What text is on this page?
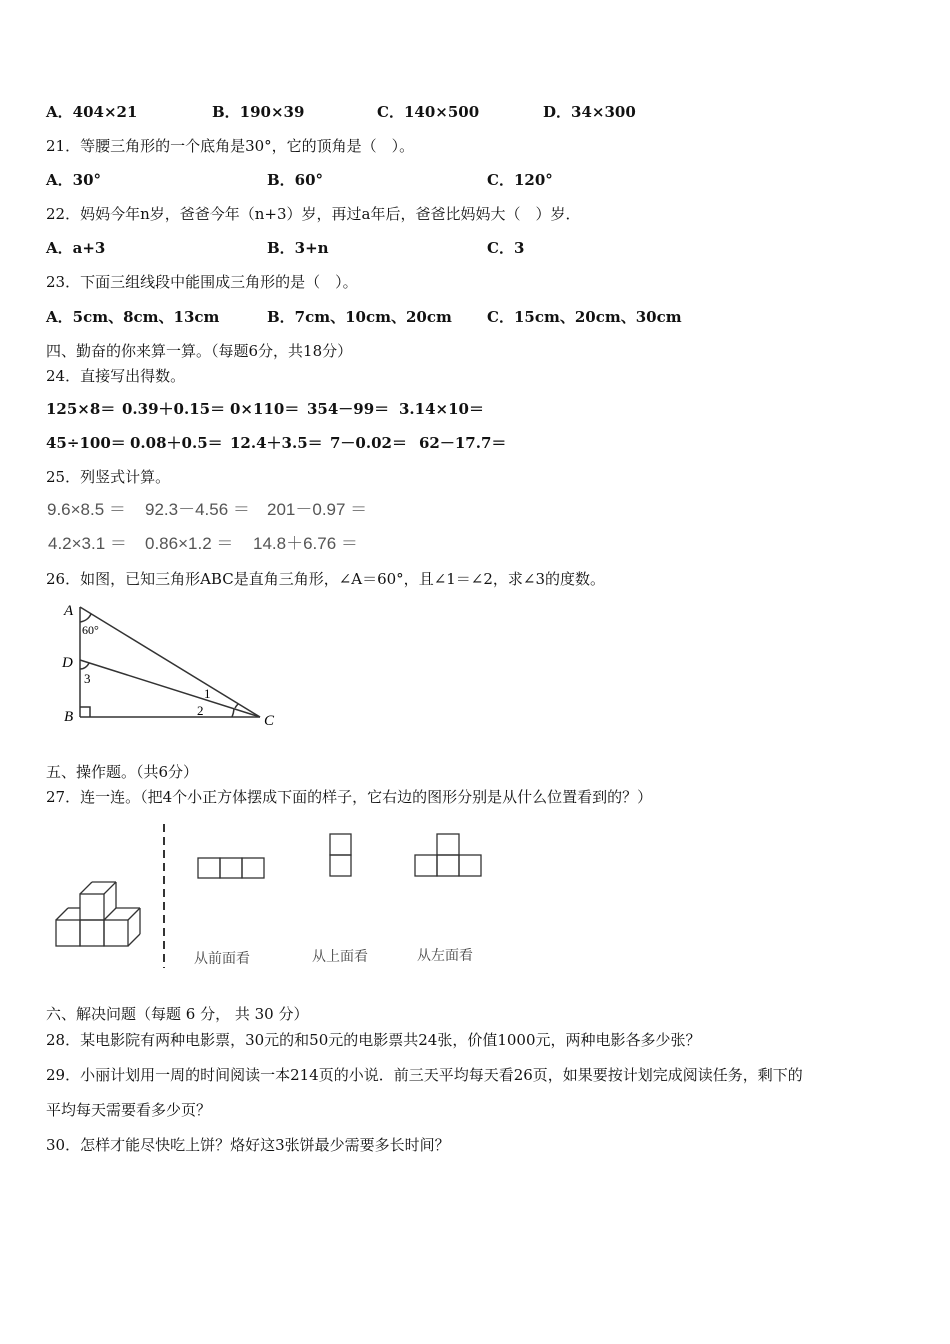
A．404×21	B．190×39	C．140×500	D．34×300
21．等腰三角形的一个底角是30°，它的顶角是（　）。
A．30°	B．60°	C．120°
22．妈妈今年n岁，爸爸今年（n+3）岁，再过a年后，爸爸比妈妈大（　）岁．
A．a+3	B．3+n	C．3
23．下面三组线段中能围成三角形的是（　）。
A．5cm、8cm、13cm	B．7cm、10cm、20cm C．15cm、20cm、30cm
四、勤奋的你来算一算。（每题6分，共18分）
24．直接写出得数。
125×8＝ 0.39＋0.15＝ 0×110＝ 354－99＝ 3.14×10＝
45÷100＝ 0.08＋0.5＝ 12.4＋3.5＝ 7－0.02＝ 62－17.7＝
25．列竖式计算。
9.6×8.5 ＝ 92.3－4.56 ＝ 201－0.97 ＝
4.2×3.1 ＝ 0.86×1.2 ＝ 14.8＋6.76 ＝
26．如图，已知三角形ABC是直角三角形，∠A＝60°，且∠1＝∠2，求∠3的度数。
A
60°
D
3
B	C
1
2
五、操作题。（共6分）
27．连一连。（把4个小正方体摆成下面的样子，它右边的图形分别是从什么位置看到的？）
从前面看	从上面看	从左面看
六、解决问题（每题 6 分， 共 30 分）
28．某电影院有两种电影票，30元的和50元的电影票共24张，价值1000元，两种电影各多少张？
29．小丽计划用一周的时间阅读一本214页的小说．前三天平均每天看26页，如果要按计划完成阅读任务，剩下的
平均每天需要看多少页？
30．怎样才能尽快吃上饼？烙好这3张饼最少需要多长时间？
